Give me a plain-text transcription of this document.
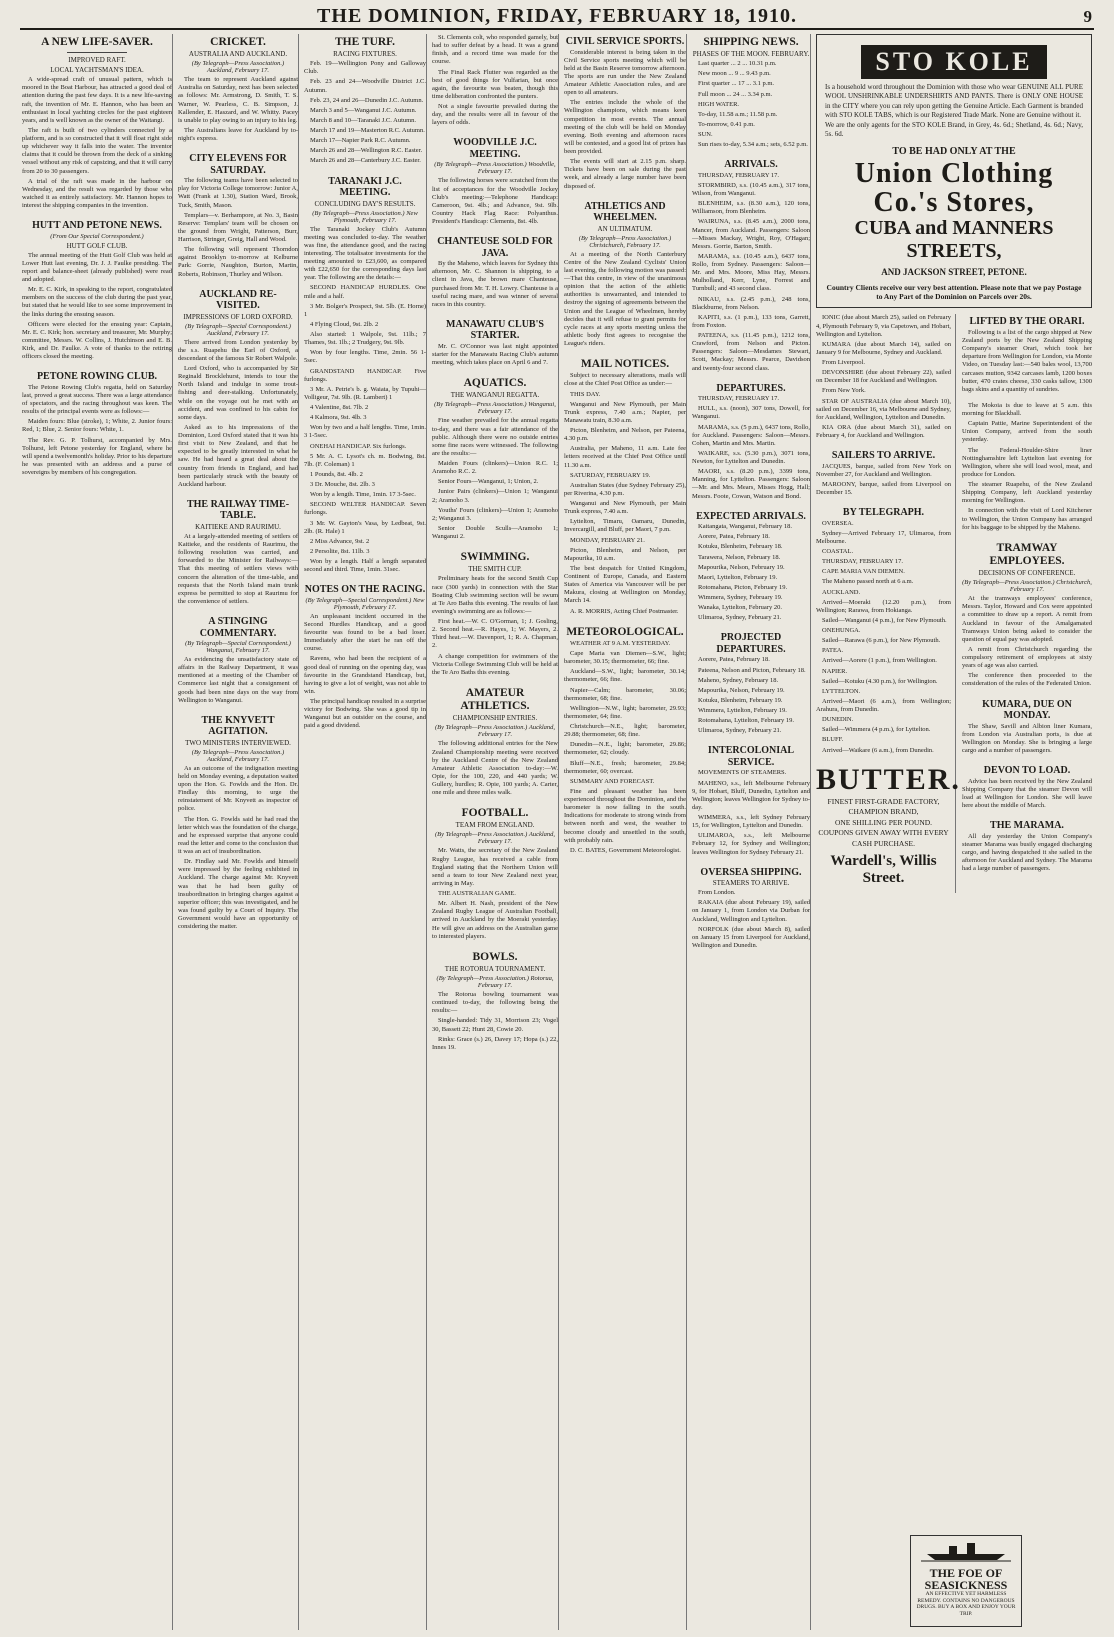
THE DOMINION, FRIDAY, FEBRUARY 18, 1910.	9
A NEW LIFE-SAVER.
IMPROVED RAFT.
LOCAL YACHTSMAN'S IDEA.

A wide-spread craft of unusual pattern, which is moored in the Boat Harbour, has attracted a good deal of attention during the past few days. It is a new life-saving raft, the invention of Mr. E. Hannon, who has been an enthusiast in local yachting circles for the past eighteen years, and is well known as the owner of the Waitangi.

The raft is built of two cylinders connected by a platform, and is so constructed that it will float right side up whichever way it falls into the water. The inventor claims that it could be thrown from the deck of a sinking vessel without any risk of capsizing, and that it will carry from 20 to 30 passengers.

A trial of the raft was made in the harbour on Wednesday, and the result was regarded by those who watched it as entirely satisfactory. Mr. Hannon hopes to interest the shipping companies in the invention.

HUTT AND PETONE NEWS.
(From Our Special Correspondent.)
HUTT GOLF CLUB.

The annual meeting of the Hutt Golf Club was held at Lower Hutt last evening, Dr. J. J. Faulke presiding. The report and balance-sheet (already published) were read and adopted.

Mr. E. C. Kirk, in speaking to the report, congratulated members on the success of the club during the past year, but stated that he would like to see some improvement in the links during the ensuing season.

Officers were elected for the ensuing year: Captain, Mr. E. C. Kirk; hon. secretary and treasurer, Mr. Murphy; committee, Messrs. W. Collins, J. Hutchinson and E. B. Kirk, and Dr. Faulke. A vote of thanks to the retiring officers closed the meeting.

PETONE ROWING CLUB.

The Petone Rowing Club's regatta, held on Saturday last, proved a great success. There was a large attendance of spectators, and the racing throughout was keen. The results of the principal events were as follows:—

Maiden fours: Blue (stroke), 1; White, 2. Junior fours: Red, 1; Blue, 2. Senior fours: White, 1.

The Rev. G. P. Tolhurst, accompanied by Mrs. Tolhurst, left Petone yesterday for England, where he will spend a twelvemonth's holiday. Prior to his departure he was presented with an address and a purse of sovereigns by members of his congregation.

CRICKET.
AUSTRALIA AND AUCKLAND.
(By Telegraph—Press Association.) Auckland, February 17.

The team to represent Auckland against Australia on Saturday, next has been selected as follows: Mr. Armstrong, D. Smith, T. S. Warner, W. Pearless, C. B. Simpson, J. Kallender, E. Haszard, and W. Whitty. Pacey is unable to play owing to an injury to his leg.

The Australians leave for Auckland by to-night's express.

CITY ELEVENS FOR SATURDAY.

The following teams have been selected to play for Victoria College tomorrow: Junior A, Watt (Frank at 1.30), Station Ward, Brook, Tuck, Smith, Mason.

Templars—v. Berhampore, at No. 3, Basin Reserve: Templars' team will be chosen on the ground from Wright, Patterson, Burr, Harrison, Stringer, Greig, Hall and Wood.

The following will represent Thorndon against Brooklyn to-morrow at Kelburne Park: Gorrie, Naughton, Burton, Martin, Roberts, Robinson, Thurley and Wilson.

AUCKLAND RE-VISITED.
IMPRESSIONS OF LORD OXFORD.
(By Telegraph—Special Correspondent.) Auckland, February 17.

There arrived from London yesterday by the s.s. Ruapehu the Earl of Oxford, a descendant of the famous Sir Robert Walpole.

Lord Oxford, who is accompanied by Sir Reginald Brocklehurst, intends to tour the North Island and indulge in some trout-fishing and deer-stalking. Unfortunately, while on the voyage out he met with an accident, and was confined to his cabin for some days.

Asked as to his impressions of the Dominion, Lord Oxford stated that it was his first visit to New Zealand, and that he expected to be greatly interested in what he saw. He had heard a great deal about the country from friends in England, and had been particularly struck with the beauty of Auckland harbour.

THE RAILWAY TIME-TABLE.
KAITIEKE AND RAURIMU.

At a largely-attended meeting of settlers of Kaitieke, and the residents of Raurimu, the following resolution was carried, and forwarded to the Minister for Railways:—That this meeting of settlers views with concern the alteration of the time-table, and requests that the North Island main trunk express be permitted to stop at Raurimu for the convenience of settlers.

A STINGING COMMENTARY.
(By Telegraph—Special Correspondent.) Wanganui, February 17.

As evidencing the unsatisfactory state of affairs in the Railway Department, it was mentioned at a meeting of the Chamber of Commerce last night that a consignment of goods had been nine days on the way from Wellington to Wanganui.

THE KNYVETT AGITATION.
TWO MINISTERS INTERVIEWED.
(By Telegraph—Press Association.) Auckland, February 17.

As an outcome of the indignation meeting held on Monday evening, a deputation waited upon the Hon. G. Fowlds and the Hon. Dr. Findlay this morning, to urge the reinstatement of Mr. Knyvett as inspector of police.

The Hon. G. Fowlds said he had read the letter which was the foundation of the charge, and he expressed surprise that anyone could read the letter and come to the conclusion that it was an act of insubordination.

Dr. Findlay said Mr. Fowlds and himself were impressed by the feeling exhibited in Auckland. The charge against Mr. Knyvett was that he had been guilty of insubordination in bringing charges against a superior officer; this was investigated, and he was found guilty by a Court of Inquiry. The Government would have an opportunity of considering the matter.

THE TURF.
RACING FIXTURES.

Feb. 19—Wellington Pony and Galloway Club.

Feb. 23 and 24—Woodville District J.C. Autumn.

Feb. 23, 24 and 26—Dunedin J.C. Autumn.

March 3 and 5—Wanganui J.C. Autumn.

March 8 and 10—Taranaki J.C. Autumn.

March 17 and 19—Masterton R.C. Autumn.

March 17—Napier Park R.C. Autumn.

March 26 and 28—Wellington R.C. Easter.

March 26 and 28—Canterbury J.C. Easter.

TARANAKI J.C. MEETING.
CONCLUDING DAY'S RESULTS.
(By Telegraph—Press Association.) New Plymouth, February 17.

The Taranaki Jockey Club's Autumn meeting was concluded to-day. The weather was fine, the attendance good, and the racing interesting. The totalisator investments for the meeting amounted to £23,600, as compared with £22,650 for the corresponding days last year. The following are the details:—

SECOND HANDICAP HURDLES. One mile and a half.

3 Mr. Bolger's Prospect, 9st. 5lb. (E. Horne) 1

4 Flying Cloud, 9st. 2lb. 2

Also started: 1 Walpole, 9st. 11lb.; 7 Thames, 9st. 1lb.; 2 Trudgery, 9st. 9lb.

Won by four lengths. Time, 2min. 56 1-5sec.

GRANDSTAND HANDICAP. Five furlongs.

3 Mr. A. Petrie's b. g. Waiata, by Tupuhi—Volligeur, 7st. 9lb. (R. Lambert) 1

4 Valentine, 8st. 7lb. 2

4 Kalmora, 9st. 4lb. 3

Won by two and a half lengths. Time, 1min. 3 1-5sec.

ONEHAI HANDICAP. Six furlongs.

5 Mr. A. C. Lysot's ch. m. Bodwing, 8st. 7lb. (F. Coleman) 1

1 Pounds, 8st. 4lb. 2

3 Dr. Mouche, 8st. 2lb. 3

Won by a length. Time, 1min. 17 3-5sec.

SECOND WELTER HANDICAP. Seven furlongs.

3 Mr. W. Gayton's Vasa, by Ledbeat, 9st. 2lb. (R. Hale) 1

2 Miss Advance, 9st. 2

2 Persolite, 8st. 11lb. 3

Won by a length. Half a length separated second and third. Time, 1min. 31sec.

NOTES ON THE RACING.
(By Telegraph—Special Correspondent.) New Plymouth, February 17.

An unpleasant incident occurred in the Second Hurdles Handicap, and a good favourite was found to be a bad loser. Immediately after the start he ran off the course.

Ravens, who had been the recipient of a good deal of running on the opening day, was favourite in the Grandstand Handicap, but, having to give a lot of weight, was not able to win.

The principal handicap resulted in a surprise victory for Bodwing. She was a good tip in Wanganui but an outsider on the course, and paid a good dividend.

St. Clements colt, who responded gamely, but had to suffer defeat by a head. It was a grand finish, and a record time was made for the course.

The Final Rack Flutter was regarded as the best of good things for Vulfarian, but once again, the favourite was beaten, though this time deliberation confronted the punters.

Not a single favourite prevailed during the day, and the results were all in favour of the layers of odds.

WOODVILLE J.C. MEETING.
(By Telegraph—Press Association.) Woodville, February 17.

The following horses were scratched from the list of acceptances for the Woodville Jockey Club's meeting:—Telephone Handicap: Cameroon, 9st. 4lb.; and Advance, 9st. 9lb. Country Hack Flag Race: Polyanthus. President's Handicap: Clements, 8st. 4lb.

CHANTEUSE SOLD FOR JAVA.

By the Maheno, which leaves for Sydney this afternoon, Mr. C. Shannon is shipping, to a client in Java, the brown mare Chanteuse, purchased from Mr. T. H. Lowry. Chanteuse is a useful racing mare, and was winner of several races in this country.

MANAWATU CLUB'S STARTER.

Mr. C. O'Connor was last night appointed starter for the Manawatu Racing Club's autumn meeting, which takes place on April 6 and 7.

AQUATICS.
THE WANGANUI REGATTA.
(By Telegraph—Press Association.) Wanganui, February 17.

Fine weather prevailed for the annual regatta to-day, and there was a fair attendance of the public. Although there were no outside entries some fine races were witnessed. The following are the results:—

Maiden Fours (clinkers)—Union R.C. 1; Aramoho R.C. 2.

Senior Fours—Wanganui, 1; Union, 2.

Junior Pairs (clinkers)—Union 1; Wanganui 2; Aramoho 3.

Youths' Fours (clinkers)—Union 1; Aramoho 2; Wanganui 3.

Senior Double Sculls—Aramoho 1; Wanganui 2.

SWIMMING.
THE SMITH CUP.

Preliminary heats for the second Smith Cup race (300 yards) in connection with the Star Boating Club swimming section will be swum at Te Aro Baths this evening. The results of last evening's swimming are as follows:—

First heat.—W. C. O'Gorman, 1; J. Gosling, 2. Second heat.—R. Hayes, 1; W. Mayers, 2. Third heat.—W. Davenport, 1; R. A. Chapman, 2.

A change competition for swimmers of the Victoria College Swimming Club will be held at the Te Aro Baths this evening.

AMATEUR ATHLETICS.
CHAMPIONSHIP ENTRIES.
(By Telegraph—Press Association.) Auckland, February 17.

The following additional entries for the New Zealand Championship meeting were received by the Auckland Centre of the New Zealand Amateur Athletic Association to-day:—W. Opie, for the 100, 220, and 440 yards; W. Gullery, hurdles; R. Opie, 100 yards; A. Carter, one mile and three miles walk.

FOOTBALL.
TEAM FROM ENGLAND.
(By Telegraph—Press Association.) Auckland, February 17.

Mr. Watts, the secretary of the New Zealand Rugby League, has received a cable from England stating that the Northern Union will send a team to tour New Zealand next year, arriving in May.

THE AUSTRALIAN GAME.

Mr. Albert H. Nash, president of the New Zealand Rugby League of Australian Football, arrived in Auckland by the Moeraki yesterday. He will give an address on the Australian game to interested players.

BOWLS.
THE ROTORUA TOURNAMENT.
(By Telegraph—Press Association.) Rotorua, February 17.

The Rotorua bowling tournament was continued to-day, the following being the results:—

Single-handed: Tidy 31, Morrison 23; Vogel 30, Bassett 22; Hunt 28, Cowie 20.

Rinks: Grace (s.) 26, Davey 17; Hopa (s.) 22, Innes 19.

CIVIL SERVICE SPORTS.

Considerable interest is being taken in the Civil Service sports meeting which will be held at the Basin Reserve tomorrow afternoon. The sports are run under the New Zealand Amateur Athletic Association rules, and are open to all amateurs.

The entries include the whole of the Wellington champions, which means keen competition in most events. The annual meeting of the club will be held on Monday evening. Both evening and afternoon races will be contested, and a good list of prizes has been provided.

The events will start at 2.15 p.m. sharp. Tickets have been on sale during the past week, and already a large number have been disposed of.

ATHLETICS AND WHEELMEN.
AN ULTIMATUM.
(By Telegraph—Press Association.) Christchurch, February 17.

At a meeting of the North Canterbury Centre of the New Zealand Cyclists' Union last evening, the following motion was passed:—That this centre, in view of the unanimous opinion that the action of the athletic authorities is unwarranted, and intended to destroy the signing of agreements between the Union and the League of Wheelmen, hereby decides that it will refuse to grant permits for cycle races at any sports meeting unless the athletic body first agrees to recognise the League's riders.

MAIL NOTICES.

Subject to necessary alterations, mails will close at the Chief Post Office as under:—

THIS DAY.

Wanganui and New Plymouth, per Main Trunk express, 7.40 a.m.; Napier, per Manawatu train, 8.30 a.m.

Picton, Blenheim, and Nelson, per Pateena, 4.30 p.m.

Australia, per Maheno, 11 a.m. Late fee letters received at the Chief Post Office until 11.30 a.m.

SATURDAY, FEBRUARY 19.

Australian States (due Sydney February 25), per Riverina, 4.30 p.m.

Wanganui and New Plymouth, per Main Trunk express, 7.40 a.m.

Lyttelton, Timaru, Oamaru, Dunedin, Invercargill, and Bluff, per Maori, 7 p.m.

MONDAY, FEBRUARY 21.

Picton, Blenheim, and Nelson, per Mapourika, 10 a.m.

The best despatch for United Kingdom, Continent of Europe, Canada, and Eastern States of America via Vancouver will be per Makura, closing at Wellington on Monday, March 14.

A. R. MORRIS, Acting Chief Postmaster.

METEOROLOGICAL.

WEATHER AT 9 A.M. YESTERDAY.

Cape Maria van Diemen—S.W., light; barometer, 30.15; thermometer, 66; fine.

Auckland—S.W., light; barometer, 30.14; thermometer, 66; fine.

Napier—Calm; barometer, 30.06; thermometer, 68; fine.

Wellington—N.W., light; barometer, 29.93; thermometer, 64; fine.

Christchurch—N.E., light; barometer, 29.88; thermometer, 68; fine.

Dunedin—N.E., light; barometer, 29.86; thermometer, 62; cloudy.

Bluff—N.E., fresh; barometer, 29.84; thermometer, 60; overcast.

SUMMARY AND FORECAST.

Fine and pleasant weather has been experienced throughout the Dominion, and the barometer is now falling in the south. Indications for moderate to strong winds from between north and west, the weather to become cloudy and unsettled in the south, with probably rain.

D. C. BATES, Government Meteorologist.

SHIPPING NEWS.
PHASES OF THE MOON. FEBRUARY.

Last quarter ... 2 ... 10.31 p.m.

New moon ... 9 ... 9.43 p.m.

First quarter ... 17 ... 3.1 p.m.

Full moon ... 24 ... 3.34 p.m.

HIGH WATER.

To-day, 11.58 a.m.; 11.58 p.m.

To-morrow, 0.41 p.m.

SUN.

Sun rises to-day, 5.34 a.m.; sets, 6.52 p.m.

ARRIVALS.

THURSDAY, FEBRUARY 17.

STORMBIRD, s.s. (10.45 a.m.), 317 tons, Wilson, from Wanganui.

BLENHEIM, s.s. (8.30 a.m.), 120 tons, Williamson, from Blenheim.

WAIRUNA, s.s. (8.45 a.m.), 2000 tons, Mancer, from Auckland. Passengers: Saloon—Misses Mackay, Wright, Roy, O'Hagan; Messrs. Gorrie, Barton, Smith.

MARAMA, s.s. (10.45 a.m.), 6437 tons, Rollo, from Sydney. Passengers: Saloon—Mr. and Mrs. Moore, Miss Hay, Messrs. Mulholland, Kerr, Lyne, Forrest and Turnbull; and 43 second class.

NIKAU, s.s. (2.45 p.m.), 248 tons, Blackburne, from Nelson.

KAPITI, s.s. (1 p.m.), 133 tons, Garrett, from Foxton.

PATEENA, s.s. (11.45 p.m.), 1212 tons, Crawford, from Nelson and Picton. Passengers: Saloon—Mesdames Stewart, Scott, Mackay; Messrs. Pearce, Davidson and twenty-four second class.

DEPARTURES.

THURSDAY, FEBRUARY 17.

HULL, s.s. (noon), 307 tons, Dowell, for Wanganui.

MARAMA, s.s. (5 p.m.), 6437 tons, Rollo, for Auckland. Passengers: Saloon—Messrs. Cohen, Martin and Mrs. Martin.

WAIKARE, s.s. (5.30 p.m.), 3071 tons, Newton, for Lyttelton and Dunedin.

MAORI, s.s. (8.20 p.m.), 3399 tons, Manning, for Lyttelton. Passengers: Saloon—Mr. and Mrs. Mears, Misses Hogg, Hall; Messrs. Foote, Cowan, Watson and Bond.

EXPECTED ARRIVALS.

Kaitangata, Wanganui, February 18.

Aorere, Patea, February 18.

Kotuku, Blenheim, February 18.

Tarawera, Nelson, February 18.

Mapourika, Nelson, February 19.

Maori, Lyttelton, February 19.

Rotomahana, Picton, February 19.

Wimmera, Sydney, February 19.

Wanaka, Lyttelton, February 20.

Ulimaroa, Sydney, February 21.

PROJECTED DEPARTURES.

Aorere, Patea, February 18.

Pateena, Nelson and Picton, February 18.

Maheno, Sydney, February 18.

Mapourika, Nelson, February 19.

Kotuku, Blenheim, February 19.

Wimmera, Lyttelton, February 19.

Rotomahana, Lyttelton, February 19.

Ulimaroa, Sydney, February 21.

INTERCOLONIAL SERVICE.

MOVEMENTS OF STEAMERS.

MAHENO, s.s., left Melbourne February 9, for Hobart, Bluff, Dunedin, Lyttelton and Wellington; leaves Wellington for Sydney to-day.

WIMMERA, s.s., left Sydney February 15, for Wellington, Lyttelton and Dunedin.

ULIMAROA, s.s., left Melbourne February 12, for Sydney and Wellington; leaves Wellington for Sydney February 21.

OVERSEA SHIPPING.
STEAMERS TO ARRIVE.

From London.

RAKAIA (due about February 19), sailed on January 1, from London via Durban for Auckland, Wellington and Lyttelton.

NORFOLK (due about March 8), sailed on January 15 from Liverpool for Auckland, Wellington and Dunedin.

STO KOLE
Is a household word throughout the Dominion with those who wear GENUINE ALL PURE WOOL UNSHRINKABLE UNDERSHIRTS AND PANTS. There is ONLY ONE HOUSE in the CITY where you can rely upon getting the Genuine Article. Each Garment is branded with STO KOLE TABS, which is our Registered Trade Mark. None are Genuine without it.
We are the only agents for the STO KOLE Brand, in Grey, 4s. 6d.; Shetland, 4s. 6d.; Navy, 5s. 6d.
TO BE HAD ONLY AT THE
Union Clothing Co.'s Stores,
CUBA and MANNERS STREETS,
AND JACKSON STREET, PETONE.
Country Clients receive our very best attention. Please note that we pay Postage to Any Part of the Dominion on Parcels over 20s.

IONIC (due about March 25), sailed on February 4, Plymouth February 9, via Capetown, and Hobart, Wellington and Lyttelton.

KUMARA (due about March 14), sailed on January 9 for Melbourne, Sydney and Auckland.

From Liverpool.

DEVONSHIRE (due about February 22), sailed on December 18 for Auckland and Wellington.

From New York.

STAR OF AUSTRALIA (due about March 10), sailed on December 16, via Melbourne and Sydney, for Auckland, Wellington, Lyttelton and Dunedin.

KIA ORA (due about March 31), sailed on February 4, for Auckland and Wellington.

SAILERS TO ARRIVE.

JACQUES, barque, sailed from New York on November 27, for Auckland and Wellington.

MAROONY, barque, sailed from Liverpool on December 15.

BY TELEGRAPH.

OVERSEA.

Sydney—Arrived February 17, Ulimaroa, from Melbourne.

COASTAL.

THURSDAY, FEBRUARY 17.

CAPE MARIA VAN DIEMEN.

The Maheno passed north at 6 a.m.

AUCKLAND.

Arrived—Moeraki (12.20 p.m.), from Wellington; Rarawa, from Hokianga.

Sailed—Wanganui (4 p.m.), for New Plymouth.

ONEHUNGA.

Sailed—Rarawa (6 p.m.), for New Plymouth.

PATEA.

Arrived—Aorere (1 p.m.), from Wellington.

NAPIER.

Sailed—Kotuku (4.30 p.m.), for Wellington.

LYTTELTON.

Arrived—Maori (6 a.m.), from Wellington; Arahura, from Dunedin.

DUNEDIN.

Sailed—Wimmera (4 p.m.), for Lyttelton.

BLUFF.

Arrived—Waikare (6 a.m.), from Dunedin.

BUTTER.
FINEST FIRST-GRADE FACTORY,
CHAMPION BRAND,
ONE SHILLING PER POUND.
COUPONS GIVEN AWAY WITH EVERY CASH PURCHASE.
Wardell's, Willis Street.
LIFTED BY THE ORARI.

Following is a list of the cargo shipped at New Zealand ports by the New Zealand Shipping Company's steamer Orari, which took her departure from Wellington for London, via Monte Video, on Tuesday last:—540 bales wool, 13,700 carcases mutton, 9342 carcases lamb, 1200 boxes butter, 470 crates cheese, 330 casks tallow, 1300 bags skins and a quantity of sundries.

The Mokoia is due to leave at 5 a.m. this morning for Blackball.

Captain Pattie, Marine Superintendent of the Union Company, arrived from the south yesterday.

The Federal-Houlder-Shire liner Nottinghamshire left Lyttelton last evening for Wellington, where she will load wool, meat, and produce for London.

The steamer Ruapehu, of the New Zealand Shipping Company, left Auckland yesterday morning for Wellington.

In connection with the visit of Lord Kitchener to Wellington, the Union Company has arranged for his baggage to be shipped by the Maheno.

TRAMWAY EMPLOYEES.
DECISIONS OF CONFERENCE.
(By Telegraph—Press Association.) Christchurch, February 17.

At the tramways employees' conference, Messrs. Taylor, Howard and Cox were appointed a committee to draw up a report. A remit from Auckland in favour of the Amalgamated Tramways Union being asked to consider the question of equal pay was adopted.

A remit from Christchurch regarding the compulsory retirement of employees at sixty years of age was also carried.

The conference then proceeded to the consideration of the rules of the Federated Union.

KUMARA, DUE ON MONDAY.

The Shaw, Savill and Albion liner Kumara, from London via Australian ports, is due at Wellington on Monday. She is bringing a large cargo and a number of passengers.

DEVON TO LOAD.

Advice has been received by the New Zealand Shipping Company that the steamer Devon will load at Wellington for London. She will leave here about the middle of March.

THE MARAMA.

All day yesterday the Union Company's steamer Marama was busily engaged discharging cargo, and having despatched it she sailed in the afternoon for Auckland and Sydney. The Marama had a large number of passengers.

THE FOE OF SEASICKNESS
AN EFFECTIVE YET HARMLESS REMEDY. CONTAINS NO DANGEROUS DRUGS. BUY A BOX AND ENJOY YOUR TRIP.
